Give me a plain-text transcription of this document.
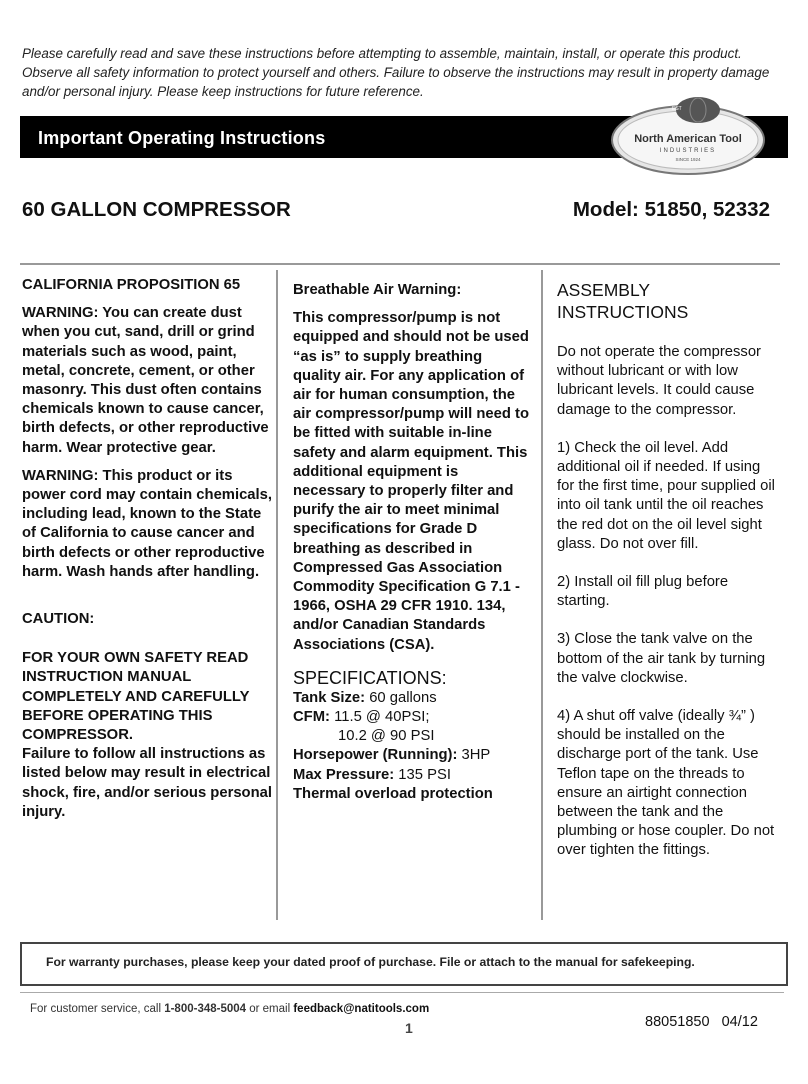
Please carefully read and save these instructions before attempting to assemble, maintain, install, or operate this product. Observe all safety information to protect yourself and others. Failure to observe the instructions may result in property damage and/or personal injury. Please keep instructions for future reference.
Important Operating Instructions
EST
North American Tool
INDUSTRIES
SINCE 1924
60 GALLON COMPRESSOR	Model: 51850, 52332

CALIFORNIA PROPOSITION 65

WARNING: You can create dust when you cut, sand, drill or grind materials such as wood, paint, metal, concrete, cement, or other masonry. This dust often contains chemicals known to cause cancer, birth defects, or other reproductive harm. Wear protective gear.

WARNING: This product or its power cord may contain chemicals, including lead, known to the State of California to cause cancer and birth defects or other reproductive harm. Wash hands after handling.

CAUTION:

FOR YOUR OWN SAFETY READ INSTRUCTION MANUAL COMPLETELY AND CAREFULLY BEFORE OPERATING THIS COMPRESSOR.

Failure to follow all instructions as listed below may result in electrical shock, fire, and/or serious personal injury.

Breathable Air Warning:

This compressor/pump is not equipped and should not be used “as is” to supply breathing quality air. For any application of air for human consumption, the air compressor/pump will need to be fitted with suitable in-line safety and alarm equipment. This additional equipment is necessary to properly filter and purify the air to meet minimal specifications for Grade D breathing as described in Compressed Gas Association Commodity Specification G 7.1 - 1966, OSHA 29 CFR 1910. 134, and/or Canadian Standards Associations (CSA).

SPECIFICATIONS:

Tank Size: 60 gallons

CFM: 11.5 @ 40PSI;

10.2 @ 90 PSI

Horsepower (Running): 3HP

Max Pressure: 135 PSI

Thermal overload protection

ASSEMBLY INSTRUCTIONS

Do not operate the compressor without lubricant or with low lubricant levels. It could cause damage to the compressor.

1) Check the oil level. Add additional oil if needed. If using for the first time, pour supplied oil into oil tank until the oil reaches the red dot on the oil level sight glass. Do not over fill.

2) Install oil fill plug before starting.

3) Close the tank valve on the bottom of the air tank by turning the valve clockwise.

4) A shut off valve (ideally ¾” ) should be installed on the discharge port of the tank. Use Teflon tape on the threads to ensure an airtight connection between the tank and the plumbing or hose coupler. Do not over tighten the fittings.

For warranty purchases, please keep your dated proof of purchase. File or attach to the manual for safekeeping.
For customer service, call 1-800-348-5004 or email feedback@natitools.com
1	88051850   04/12
